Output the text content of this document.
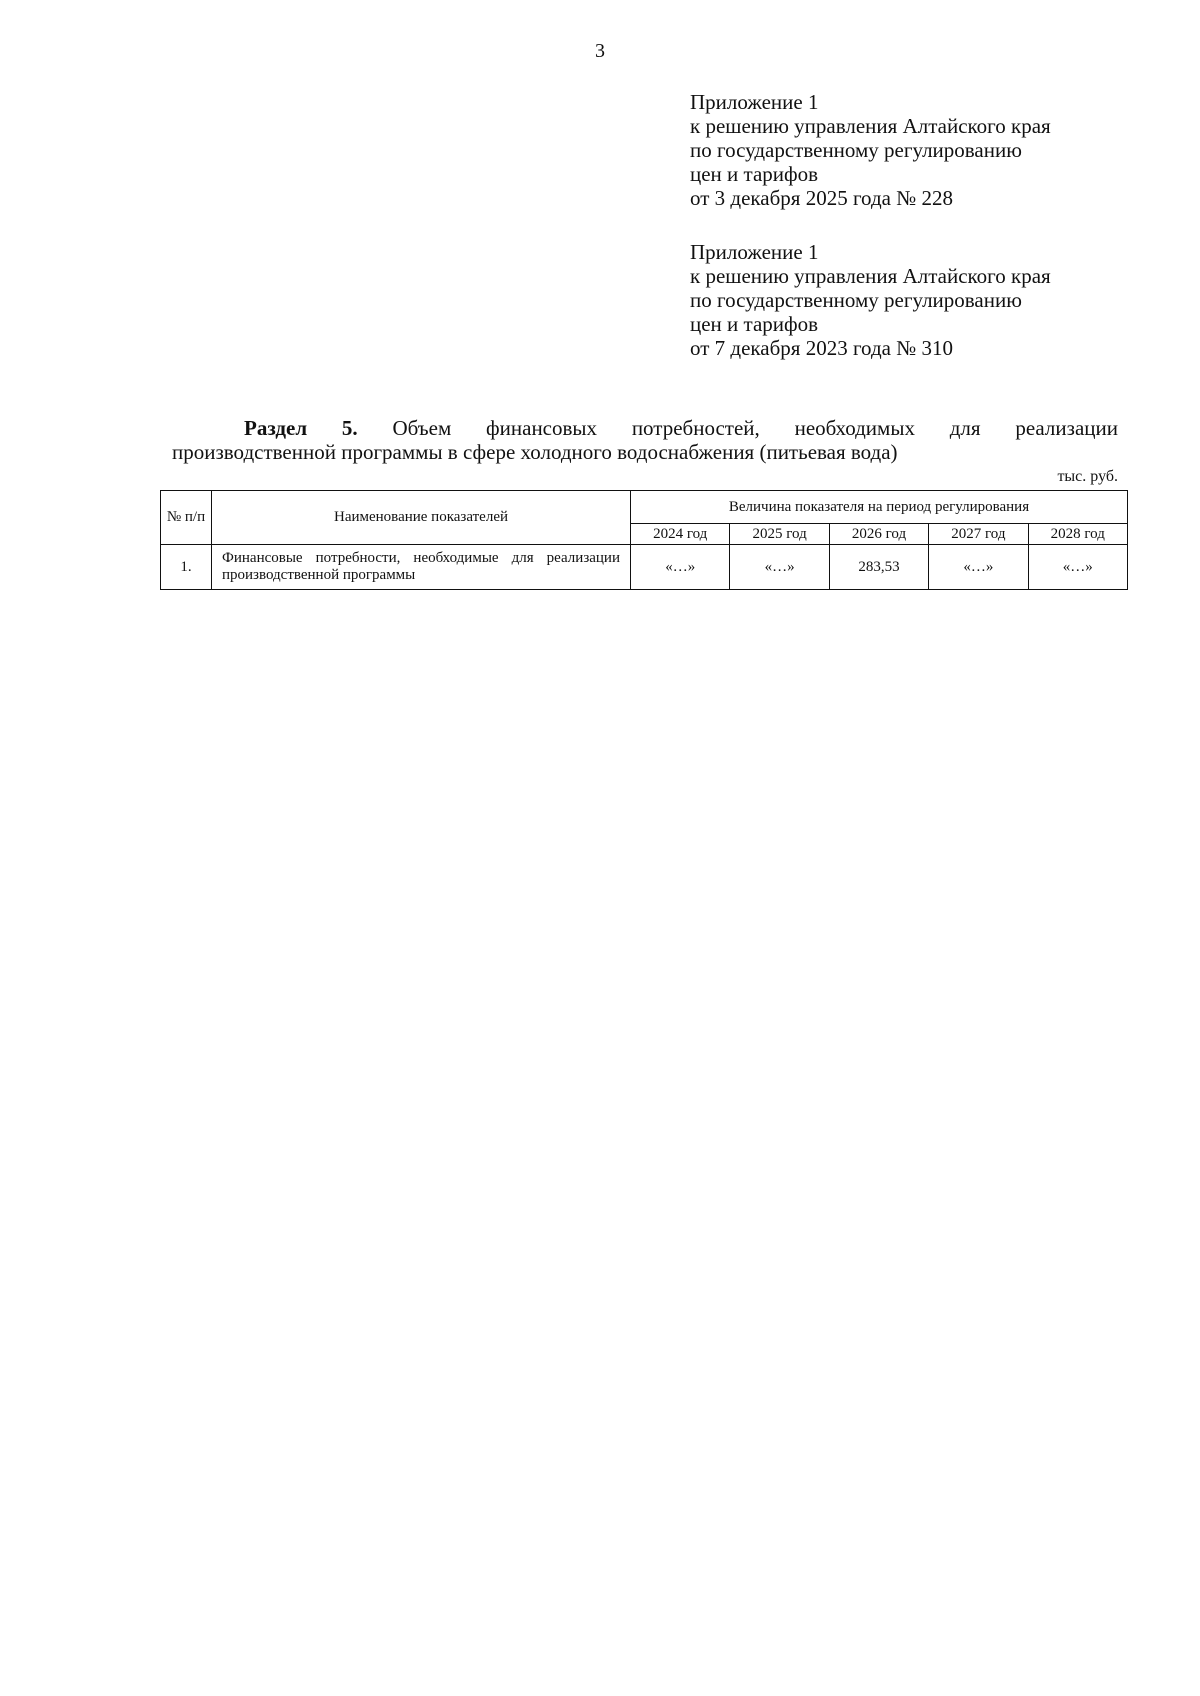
3
Приложение 1
к решению управления Алтайского края
по государственному регулированию
цен и тарифов
от 3 декабря 2025 года № 228
Приложение 1
к решению управления Алтайского края
по государственному регулированию
цен и тарифов
от 7 декабря 2023 года № 310
Раздел 5. Объем финансовых потребностей, необходимых для реализации
производственной программы в сфере холодного водоснабжения (питьевая вода)
тыс. руб.
№ п/п	Наименование показателей	Величина показателя на период регулирования				
		2024 год	2025 год	2026 год	2027 год	2028 год
1.	Финансовые потребности, необходимые для реализации производственной программы	«…»	«…»	283,53	«…»	«…»
